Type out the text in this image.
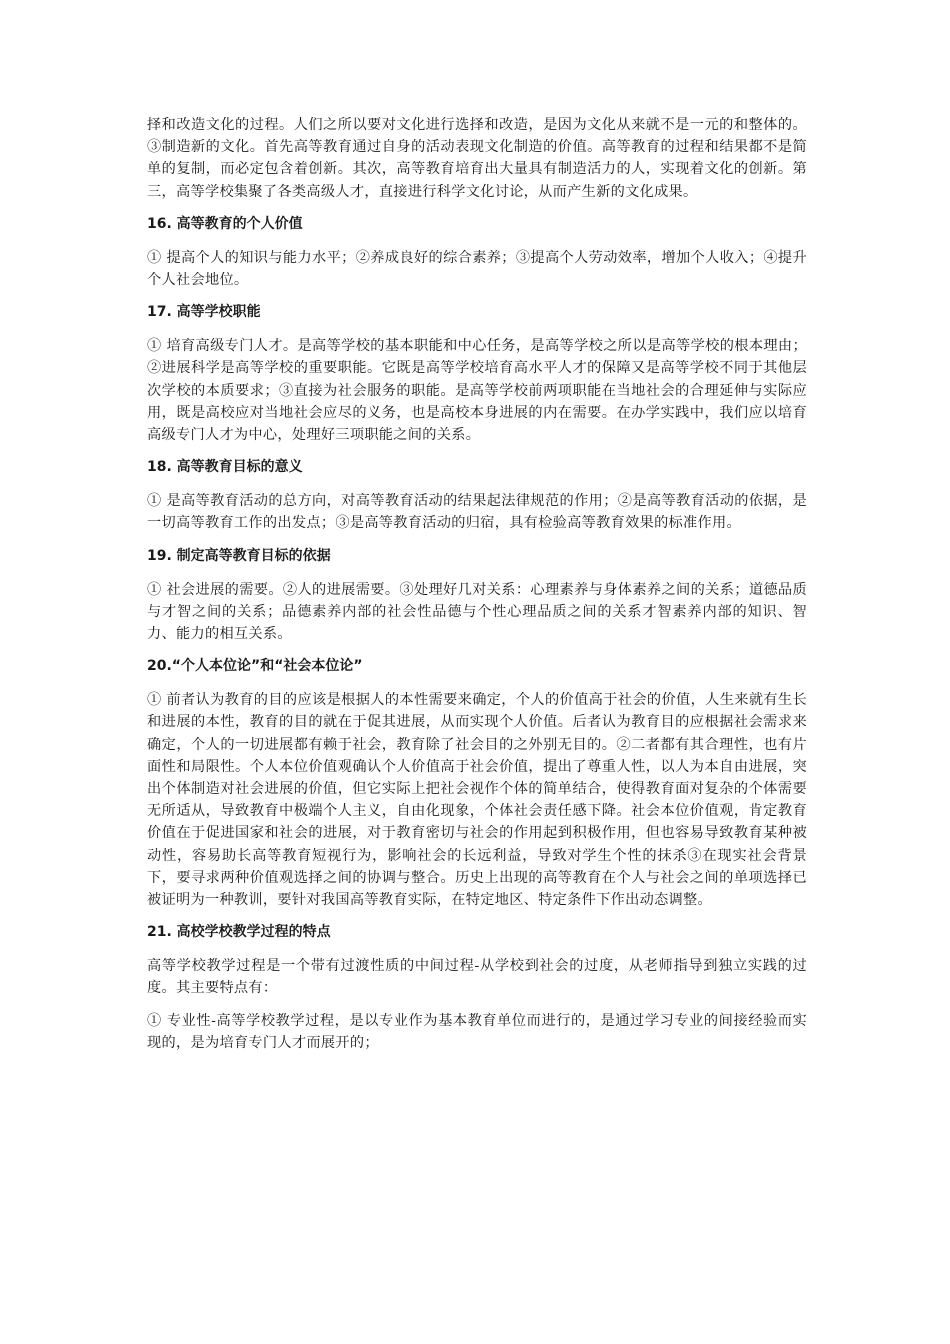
择和改造文化的过程。人们之所以要对文化进行选择和改造，是因为文化从来就不是一元的和整体的。③制造新的文化。首先高等教育通过自身的活动表现文化制造的价值。高等教育的过程和结果都不是简单的复制，而必定包含着创新。其次，高等教育培育出大量具有制造活力的人，实现着文化的创新。第三，高等学校集聚了各类高级人才，直接进行科学文化讨论，从而产生新的文化成果。

16. 高等教育的个人价值

① 提高个人的知识与能力水平；②养成良好的综合素养；③提高个人劳动效率，增加个人收入；④提升个人社会地位。

17. 高等学校职能

① 培育高级专门人才。是高等学校的基本职能和中心任务，是高等学校之所以是高等学校的根本理由；②进展科学是高等学校的重要职能。它既是高等学校培育高水平人才的保障又是高等学校不同于其他层次学校的本质要求；③直接为社会服务的职能。是高等学校前两项职能在当地社会的合理延伸与实际应用，既是高校应对当地社会应尽的义务，也是高校本身进展的内在需要。在办学实践中，我们应以培育高级专门人才为中心，处理好三项职能之间的关系。

18. 高等教育目标的意义

① 是高等教育活动的总方向，对高等教育活动的结果起法律规范的作用；②是高等教育活动的依据，是一切高等教育工作的出发点；③是高等教育活动的归宿，具有检验高等教育效果的标准作用。

19. 制定高等教育目标的依据

① 社会进展的需要。②人的进展需要。③处理好几对关系：心理素养与身体素养之间的关系；道德品质与才智之间的关系；品德素养内部的社会性品德与个性心理品质之间的关系才智素养内部的知识、智力、能力的相互关系。

20.“个人本位论”和“社会本位论”

① 前者认为教育的目的应该是根据人的本性需要来确定，个人的价值高于社会的价值，人生来就有生长和进展的本性，教育的目的就在于促其进展，从而实现个人价值。后者认为教育目的应根据社会需求来确定，个人的一切进展都有赖于社会，教育除了社会目的之外别无目的。②二者都有其合理性，也有片面性和局限性。个人本位价值观确认个人价值高于社会价值，提出了尊重人性，以人为本自由进展，突出个体制造对社会进展的价值，但它实际上把社会视作个体的简单结合，使得教育面对复杂的个体需要无所适从，导致教育中极端个人主义，自由化现象，个体社会责任感下降。社会本位价值观，肯定教育价值在于促进国家和社会的进展，对于教育密切与社会的作用起到积极作用，但也容易导致教育某种被动性，容易助长高等教育短视行为，影响社会的长远利益，导致对学生个性的抹杀③在现实社会背景下，要寻求两种价值观选择之间的协调与整合。历史上出现的高等教育在个人与社会之间的单项选择已被证明为一种教训，要针对我国高等教育实际，在特定地区、特定条件下作出动态调整。

21. 高校学校教学过程的特点

高等学校教学过程是一个带有过渡性质的中间过程-从学校到社会的过度，从老师指导到独立实践的过度。其主要特点有：

① 专业性-高等学校教学过程，是以专业作为基本教育单位而进行的，是通过学习专业的间接经验而实现的，是为培育专门人才而展开的；
